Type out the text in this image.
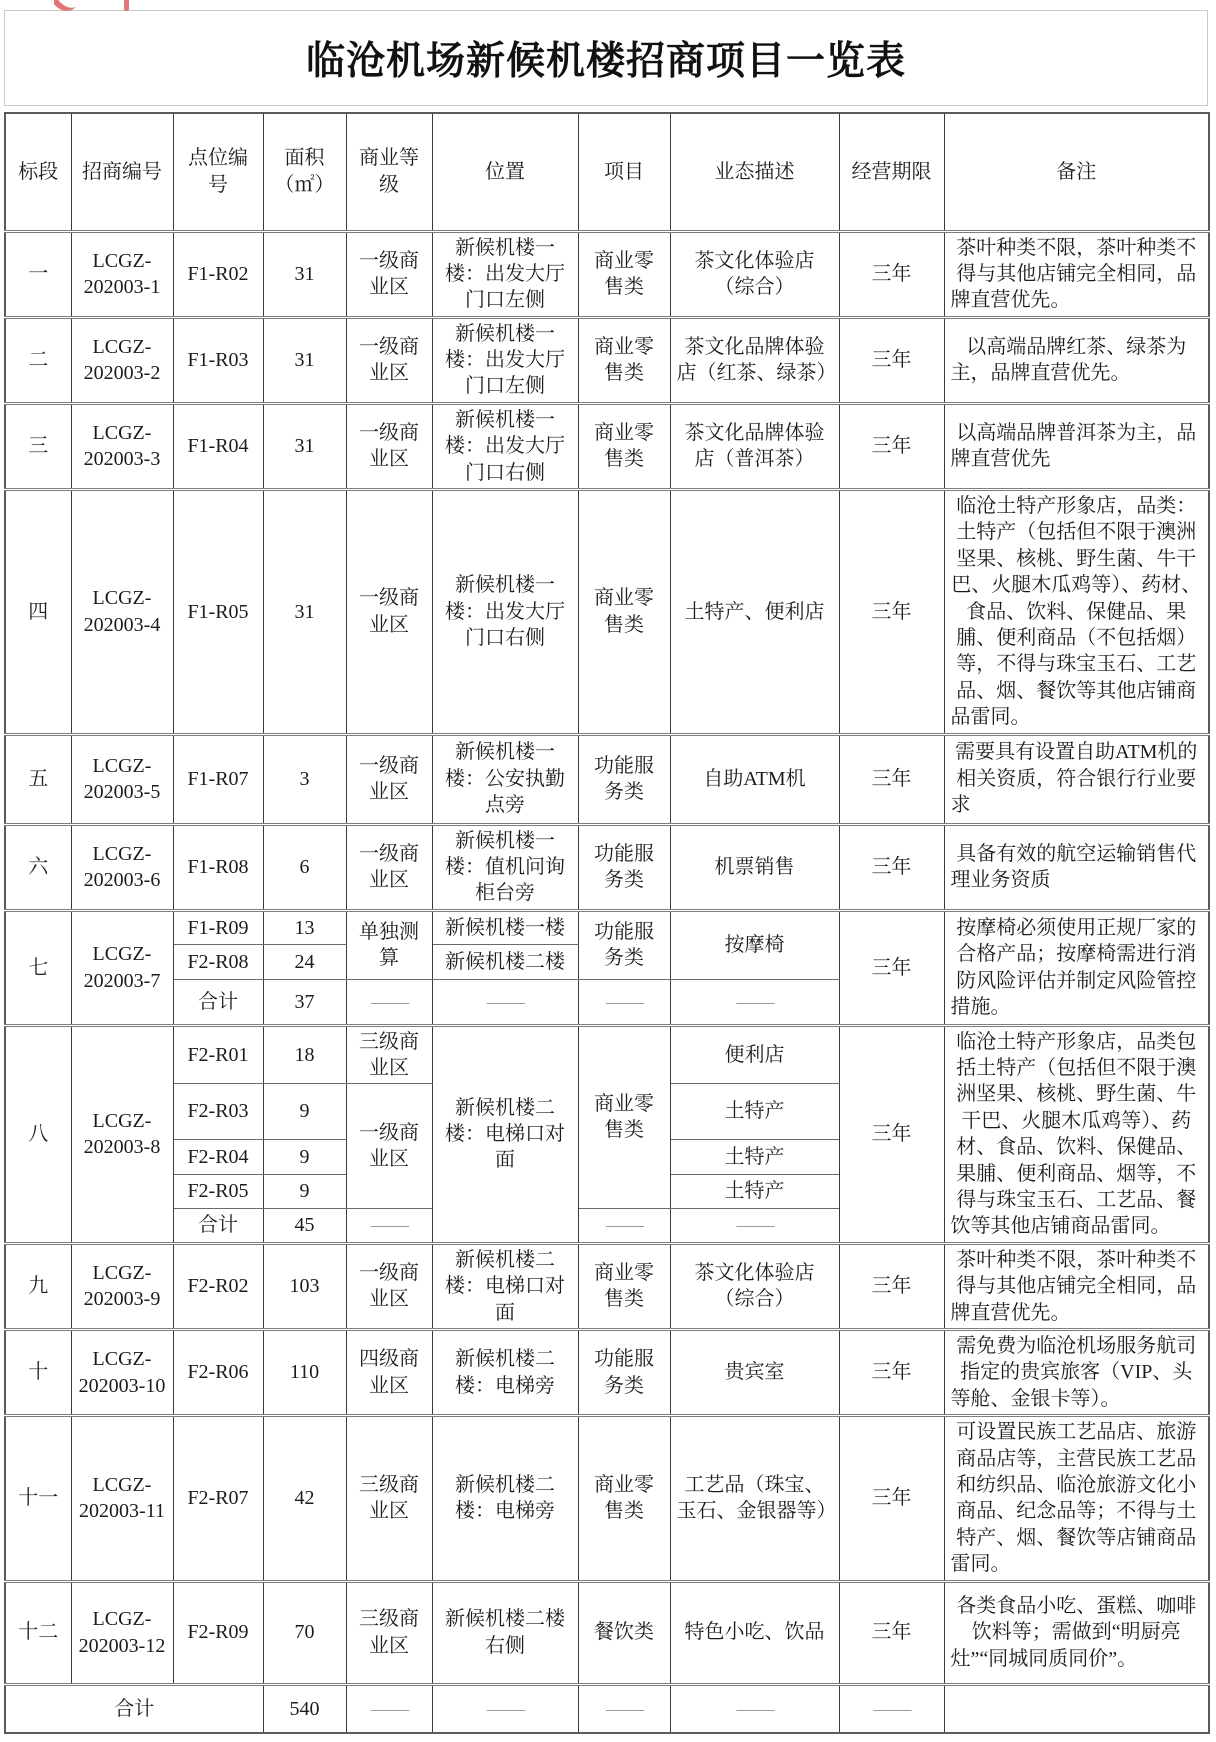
临沧机场新候机楼招商项目一览表
标段	招商编号	点位编号	面积（㎡）	商业等级	位置	项目	业态描述	经营期限	备注
一	LCGZ-202003-1	F1-R02	31	一级商业区	新候机楼一楼：出发大厅门口左侧	商业零售类	茶文化体验店（综合）	三年	茶叶种类不限，茶叶种类不得与其他店铺完全相同，品牌直营优先。
二	LCGZ-202003-2	F1-R03	31	一级商业区	新候机楼一楼：出发大厅门口左侧	商业零售类	茶文化品牌体验店（红茶、绿茶）	三年	以高端品牌红茶、绿茶为主，品牌直营优先。
三	LCGZ-202003-3	F1-R04	31	一级商业区	新候机楼一楼：出发大厅门口右侧	商业零售类	茶文化品牌体验店（普洱茶）	三年	以高端品牌普洱茶为主，品牌直营优先
四	LCGZ-202003-4	F1-R05	31	一级商业区	新候机楼一楼：出发大厅门口右侧	商业零售类	土特产、便利店	三年	临沧土特产形象店，品类：土特产（包括但不限于澳洲坚果、核桃、野生菌、牛干巴、火腿木瓜鸡等）、药材、食品、饮料、保健品、果脯、便利商品（不包括烟）等，不得与珠宝玉石、工艺品、烟、餐饮等其他店铺商品雷同。
五	LCGZ-202003-5	F1-R07	3	一级商业区	新候机楼一楼：公安执勤点旁	功能服务类	自助ATM机	三年	需要具有设置自助ATM机的相关资质，符合银行行业要求
六	LCGZ-202003-6	F1-R08	6	一级商业区	新候机楼一楼：值机问询柜台旁	功能服务类	机票销售	三年	具备有效的航空运输销售代理业务资质
七	LCGZ-202003-7	F1-R09	13	单独测算	新候机楼一楼	功能服务类	按摩椅	三年	按摩椅必须使用正规厂家的合格产品；按摩椅需进行消防风险评估并制定风险管控措施。
		F2-R08	24		新候机楼二楼				
		合计	37	——	——	——	——		
八	LCGZ-202003-8	F2-R01	18	三级商业区	新候机楼二楼：电梯口对面	商业零售类	便利店	三年	临沧土特产形象店，品类包括土特产（包括但不限于澳洲坚果、核桃、野生菌、牛干巴、火腿木瓜鸡等）、药材、食品、饮料、保健品、果脯、便利商品、烟等，不得与珠宝玉石、工艺品、餐饮等其他店铺商品雷同。
		F2-R03	9	一级商业区			土特产		
		F2-R04	9				土特产		
		F2-R05	9				土特产		
		合计	45	——		——	——		
九	LCGZ-202003-9	F2-R02	103	一级商业区	新候机楼二楼：电梯口对面	商业零售类	茶文化体验店（综合）	三年	茶叶种类不限，茶叶种类不得与其他店铺完全相同，品牌直营优先。
十	LCGZ-202003-10	F2-R06	110	四级商业区	新候机楼二楼：电梯旁	功能服务类	贵宾室	三年	需免费为临沧机场服务航司指定的贵宾旅客（VIP、头等舱、金银卡等）。
十一	LCGZ-202003-11	F2-R07	42	三级商业区	新候机楼二楼：电梯旁	商业零售类	工艺品（珠宝、玉石、金银器等）	三年	可设置民族工艺品店、旅游商品店等，主营民族工艺品和纺织品、临沧旅游文化小商品、纪念品等；不得与土特产、烟、餐饮等店铺商品雷同。
十二	LCGZ-202003-12	F2-R09	70	三级商业区	新候机楼二楼右侧	餐饮类	特色小吃、饮品	三年	各类食品小吃、蛋糕、咖啡饮料等；需做到“明厨亮灶”“同城同质同价”。
合计			540	——	——	——	——	——	
